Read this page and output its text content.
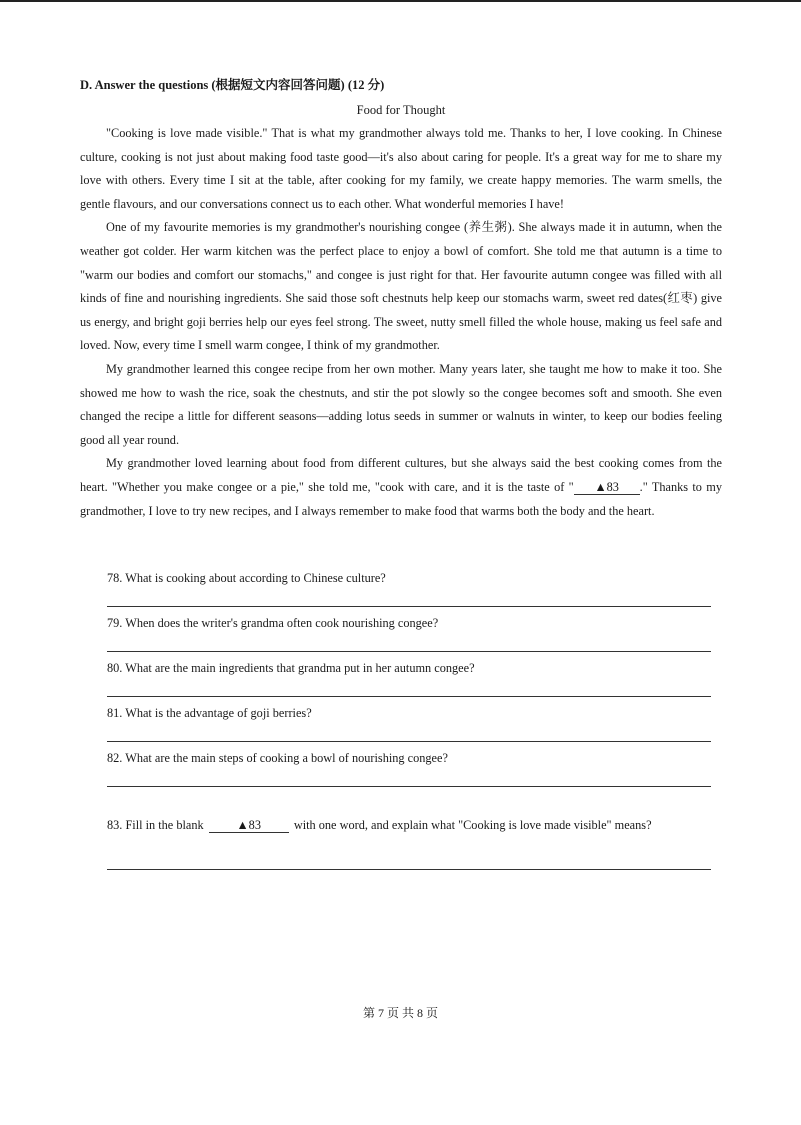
D. Answer the questions (根据短文内容回答问题) (12 分)
Food for Thought

"Cooking is love made visible." That is what my grandmother always told me. Thanks to her, I love cooking. In Chinese culture, cooking is not just about making food taste good—it's also about caring for people. It's a great way for me to share my love with others. Every time I sit at the table, after cooking for my family, we create happy memories. The warm smells, the gentle flavours, and our conversations connect us to each other. What wonderful memories I have!

One of my favourite memories is my grandmother's nourishing congee (养生粥). She always made it in autumn, when the weather got colder. Her warm kitchen was the perfect place to enjoy a bowl of comfort. She told me that autumn is a time to "warm our bodies and comfort our stomachs," and congee is just right for that. Her favourite autumn congee was filled with all kinds of fine and nourishing ingredients. She said those soft chestnuts help keep our stomachs warm, sweet red dates(红枣) give us energy, and bright goji berries help our eyes feel strong. The sweet, nutty smell filled the whole house, making us feel safe and loved. Now, every time I smell warm congee, I think of my grandmother.

My grandmother learned this congee recipe from her own mother. Many years later, she taught me how to make it too. She showed me how to wash the rice, soak the chestnuts, and stir the pot slowly so the congee becomes soft and smooth. She even changed the recipe a little for different seasons—adding lotus seeds in summer or walnuts in winter, to keep our bodies feeling good all year round.

My grandmother loved learning about food from different cultures, but she always said the best cooking comes from the heart. "Whether you make congee or a pie," she told me, "cook with care, and it is the taste of " ▲83 ." Thanks to my grandmother, I love to try new recipes, and I always remember to make food that warms both the body and the heart.

78. What is cooking about according to Chinese culture?
79. When does the writer's grandma often cook nourishing congee?
80. What are the main ingredients that grandma put in her autumn congee?
81. What is the advantage of goji berries?
82. What are the main steps of cooking a bowl of nourishing congee?
83. Fill in the blank	▲83	with one word, and explain what "Cooking is love made visible" means?
第 7 页 共 8 页
